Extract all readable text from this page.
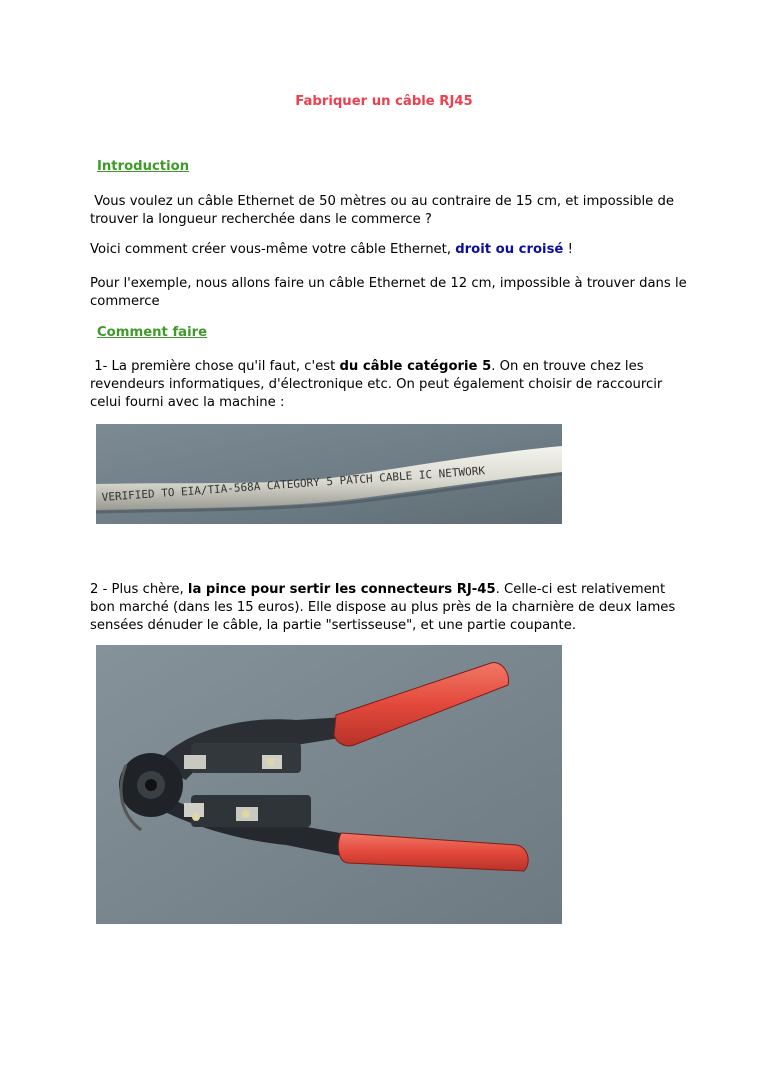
Fabriquer un câble RJ45
Introduction
Vous voulez un câble Ethernet de 50 mètres ou au contraire de 15 cm, et impossible de trouver la longueur recherchée dans le commerce ?
Voici comment créer vous-même votre câble Ethernet, droit ou croisé !
Pour l'exemple, nous allons faire un câble Ethernet de 12 cm, impossible à trouver dans le commerce
Comment faire
1- La première chose qu'il faut, c'est du câble catégorie 5. On en trouve chez les revendeurs informatiques, d'électronique etc. On peut également choisir de raccourcir celui fourni avec la machine :
VERIFIED TO EIA/TIA-568A CATEGORY 5 PATCH CABLE IC NETWORK
2 - Plus chère, la pince pour sertir les connecteurs RJ-45. Celle-ci est relativement bon marché (dans les 15 euros). Elle dispose au plus près de la charnière de deux lames sensées dénuder le câble, la partie "sertisseuse", et une partie coupante.
